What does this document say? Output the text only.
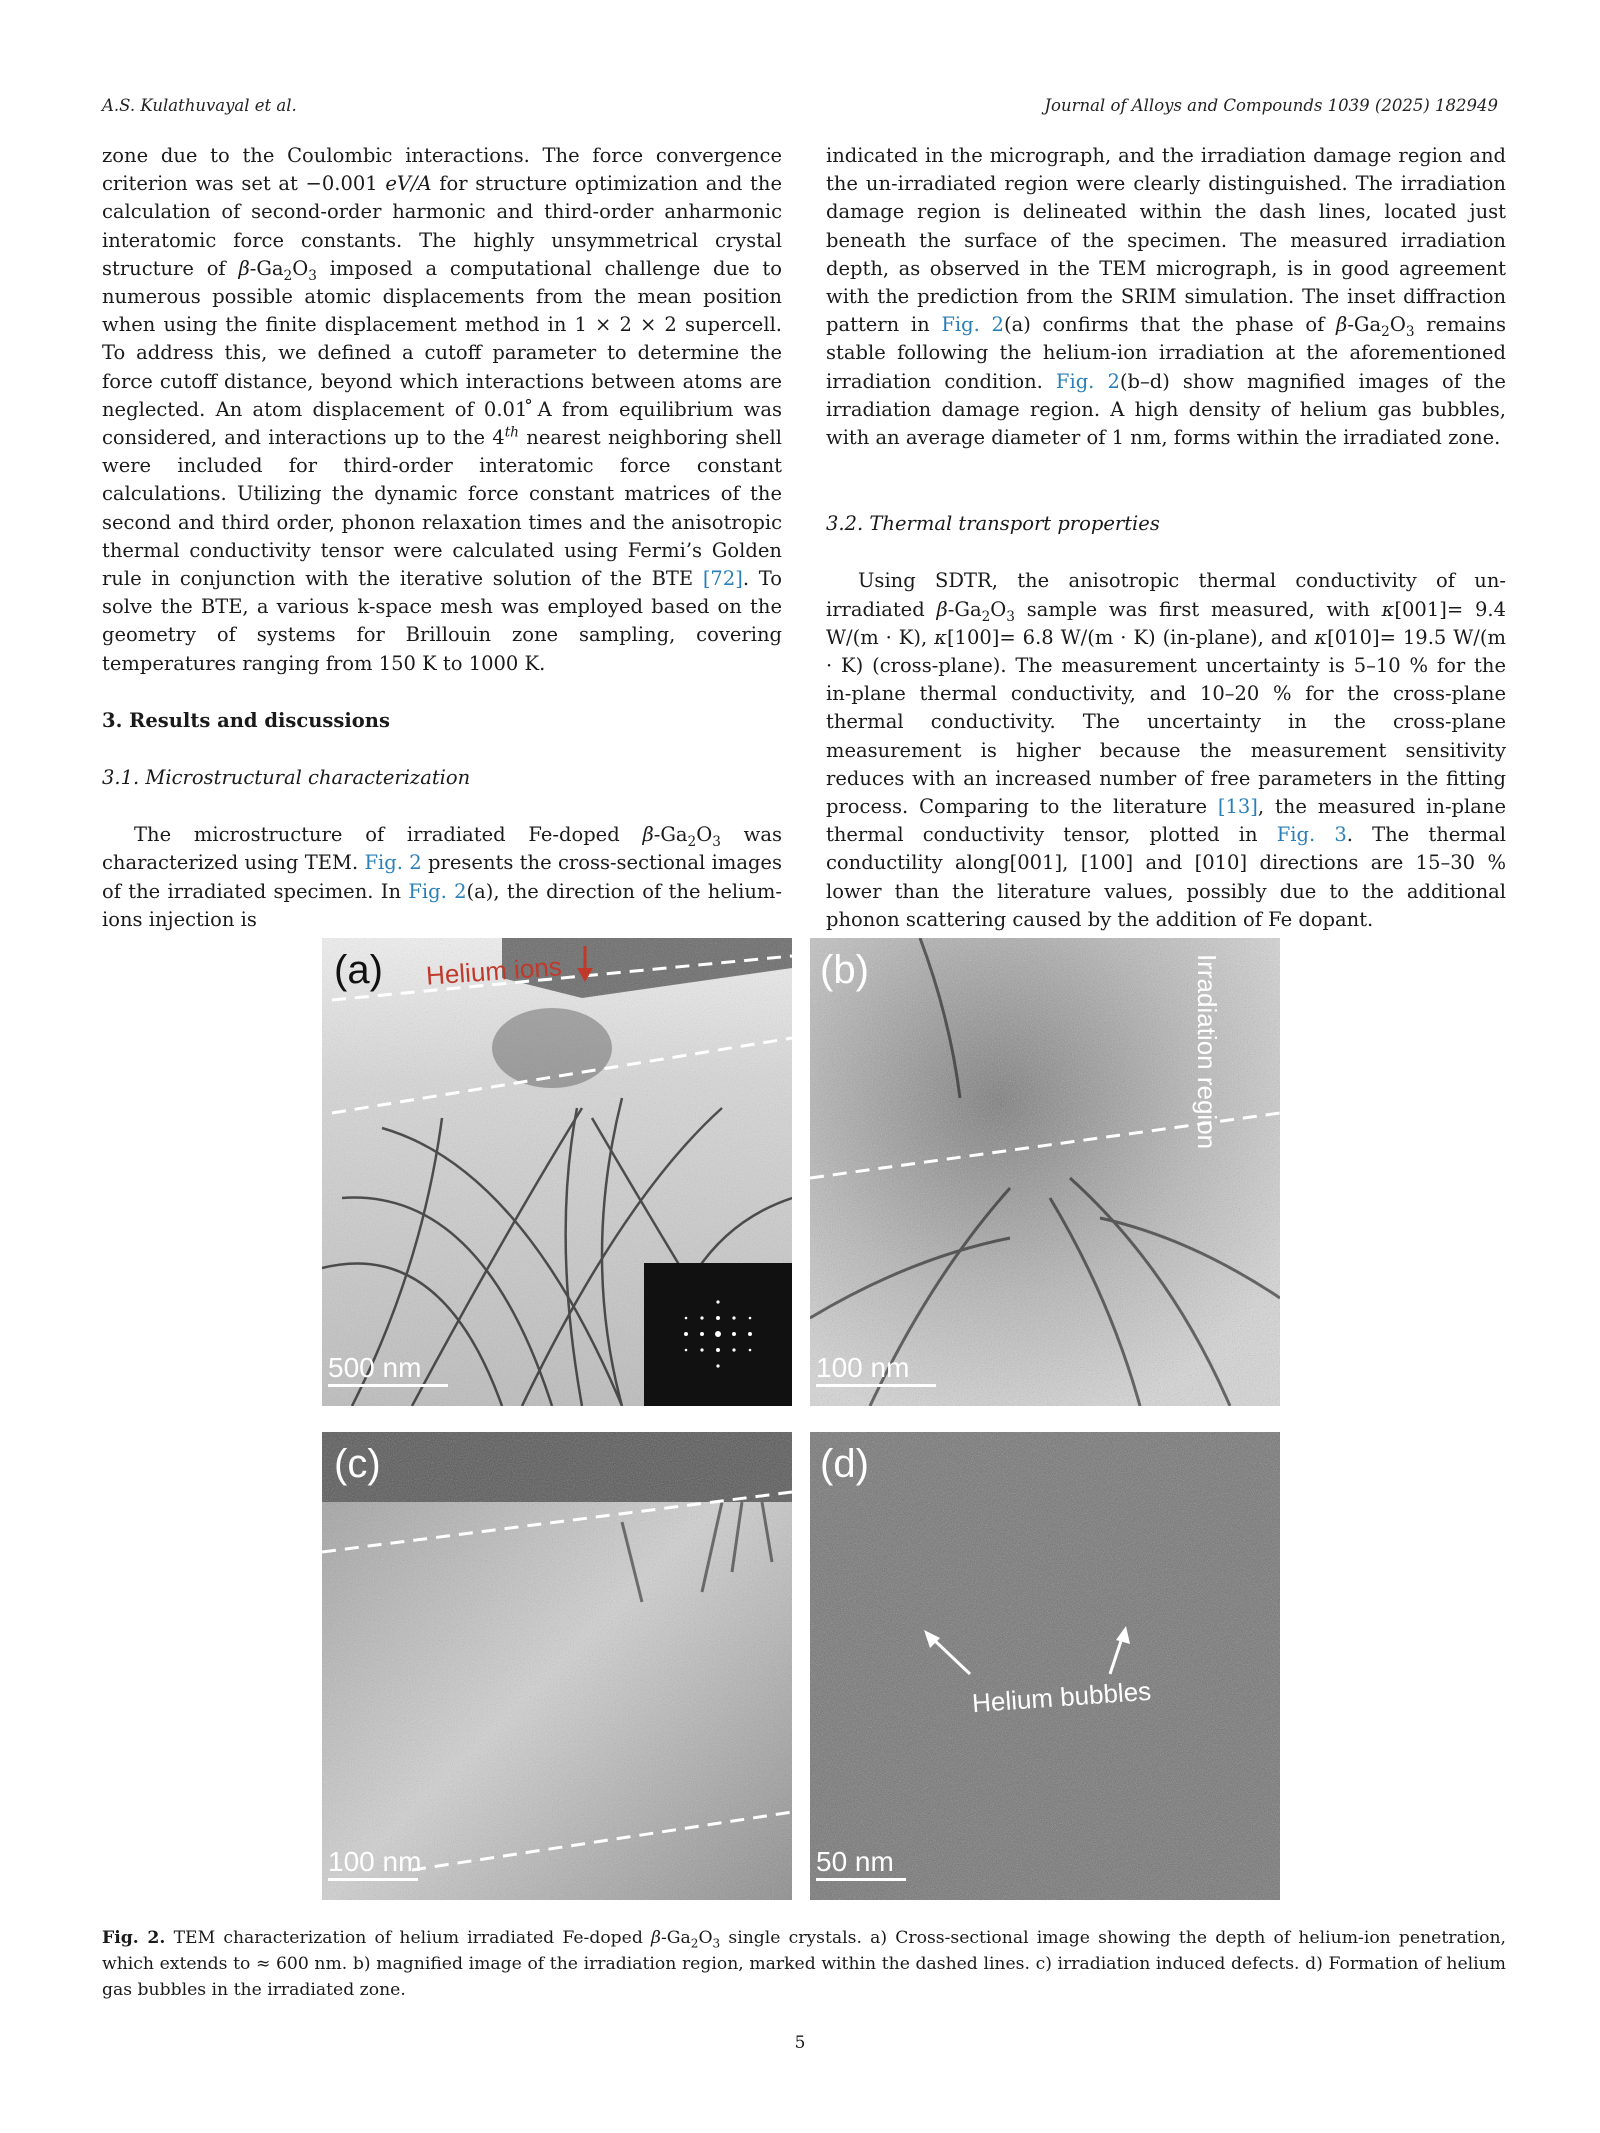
A.S. Kulathuvayal et al.	Journal of Alloys and Compounds 1039 (2025) 182949

zone due to the Coulombic interactions. The force convergence criterion was set at −0.001 eV/A for structure optimization and the calculation of second-order harmonic and third-order anharmonic interatomic force constants. The highly unsymmetrical crystal structure of $\beta-Ga_2O_3$ imposed a computational challenge due to numerous possible atomic displacements from the mean position when using the finite displacement method in 1 × 2 × 2 supercell. To address this, we defined a cutoff parameter to determine the force cutoff distance, beyond which interactions between atoms are neglected. An atom displacement of 0.01 ̊A from equilibrium was considered, and interactions up to the 4th nearest neighboring shell were included for third-order interatomic force constant calculations. Utilizing the dynamic force constant matrices of the second and third order, phonon relaxation times and the anisotropic thermal conductivity tensor were calculated using Fermi’s Golden rule in conjunction with the iterative solution of the BTE [72]. To solve the BTE, a various k-space mesh was employed based on the geometry of systems for Brillouin zone sampling, covering temperatures ranging from 150 K to 1000 K.

3. Results and discussions
3.1. Microstructural characterization

The microstructure of irradiated Fe-doped $\beta-Ga_2O_3$ was characterized using TEM. Fig. 2 presents the cross-sectional images of the irradiated specimen. In Fig. 2(a), the direction of the helium-ions injection is

indicated in the micrograph, and the irradiation damage region and the un-irradiated region were clearly distinguished. The irradiation damage region is delineated within the dash lines, located just beneath the surface of the specimen. The measured irradiation depth, as observed in the TEM micrograph, is in good agreement with the prediction from the SRIM simulation. The inset diffraction pattern in Fig. 2(a) confirms that the phase of $\beta-Ga_2O_3$ remains stable following the helium-ion irradiation at the aforementioned irradiation condition. Fig. 2(b–d) show magnified images of the irradiation damage region. A high density of helium gas bubbles, with an average diameter of 1 nm, forms within the irradiated zone.

3.2. Thermal transport properties

Using SDTR, the anisotropic thermal conductivity of un-irradiated $\beta-Ga_2O_3$ sample was first measured, with κ[001]= 9.4 W/(m · K), κ[100]= 6.8 W/(m · K) (in-plane), and κ[010]= 19.5 W/(m · K) (cross-plane). The measurement uncertainty is 5–10 % for the in-plane thermal conductivity, and 10–20 % for the cross-plane thermal conductivity. The uncertainty in the cross-plane measurement is higher because the measurement sensitivity reduces with an increased number of free parameters in the fitting process. Comparing to the literature [13], the measured in-plane thermal conductivity tensor, plotted in Fig. 3. The thermal conductility along[001], [100] and [010] directions are 15–30 % lower than the literature values, possibly due to the additional phonon scattering caused by the addition of Fe dopant.

(a) Helium ions
500 nm
(b)	Irradiation region
100 nm
(c)
100 nm
(d)
Helium bubbles
50 nm
Fig. 2. TEM characterization of helium irradiated Fe-doped $\beta-Ga_2O_3$ single crystals. a) Cross-sectional image showing the depth of helium-ion penetration, which extends to ≈ 600 nm. b) magnified image of the irradiation region, marked within the dashed lines. c) irradiation induced defects. d) Formation of helium gas bubbles in the irradiated zone.
5
